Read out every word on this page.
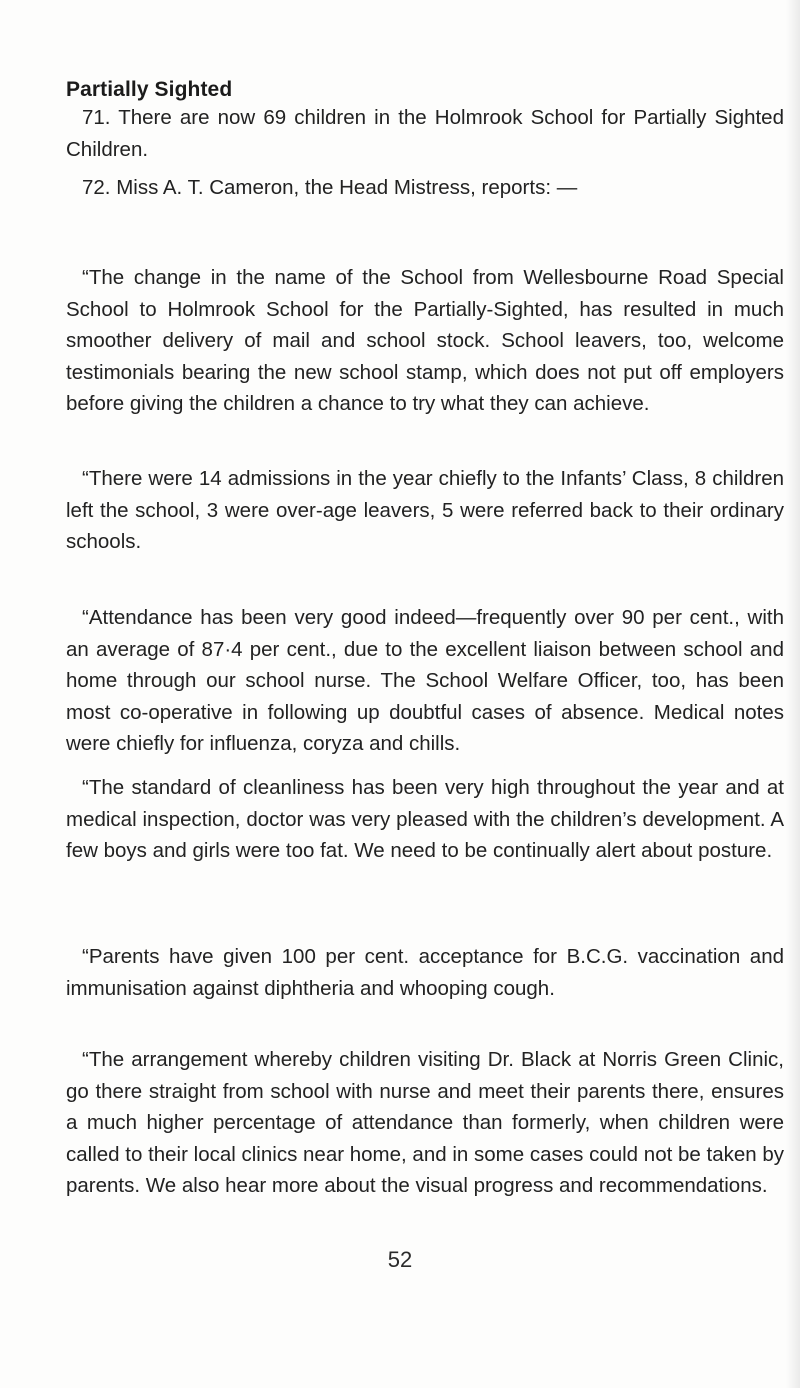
Partially Sighted

71. There are now 69 children in the Holmrook School for Partially Sighted Children.

72. Miss A. T. Cameron, the Head Mistress, reports: —

“The change in the name of the School from Wellesbourne Road Special School to Holmrook School for the Partially-Sighted, has resulted in much smoother delivery of mail and school stock. School leavers, too, welcome testimonials bearing the new school stamp, which does not put off employers before giving the children a chance to try what they can achieve.

“There were 14 admissions in the year chiefly to the Infants’ Class, 8 children left the school, 3 were over-age leavers, 5 were referred back to their ordinary schools.

“Attendance has been very good indeed—frequently over 90 per cent., with an average of 87·4 per cent., due to the excellent liaison between school and home through our school nurse. The School Welfare Officer, too, has been most co-operative in following up doubtful cases of absence. Medical notes were chiefly for influenza, coryza and chills.

“The standard of cleanliness has been very high throughout the year and at medical inspection, doctor was very pleased with the children’s development. A few boys and girls were too fat. We need to be continually alert about posture.

“Parents have given 100 per cent. acceptance for B.C.G. vaccination and immunisation against diphtheria and whooping cough.

“The arrangement whereby children visiting Dr. Black at Norris Green Clinic, go there straight from school with nurse and meet their parents there, ensures a much higher percentage of attendance than formerly, when children were called to their local clinics near home, and in some cases could not be taken by parents. We also hear more about the visual progress and recommendations.

52
